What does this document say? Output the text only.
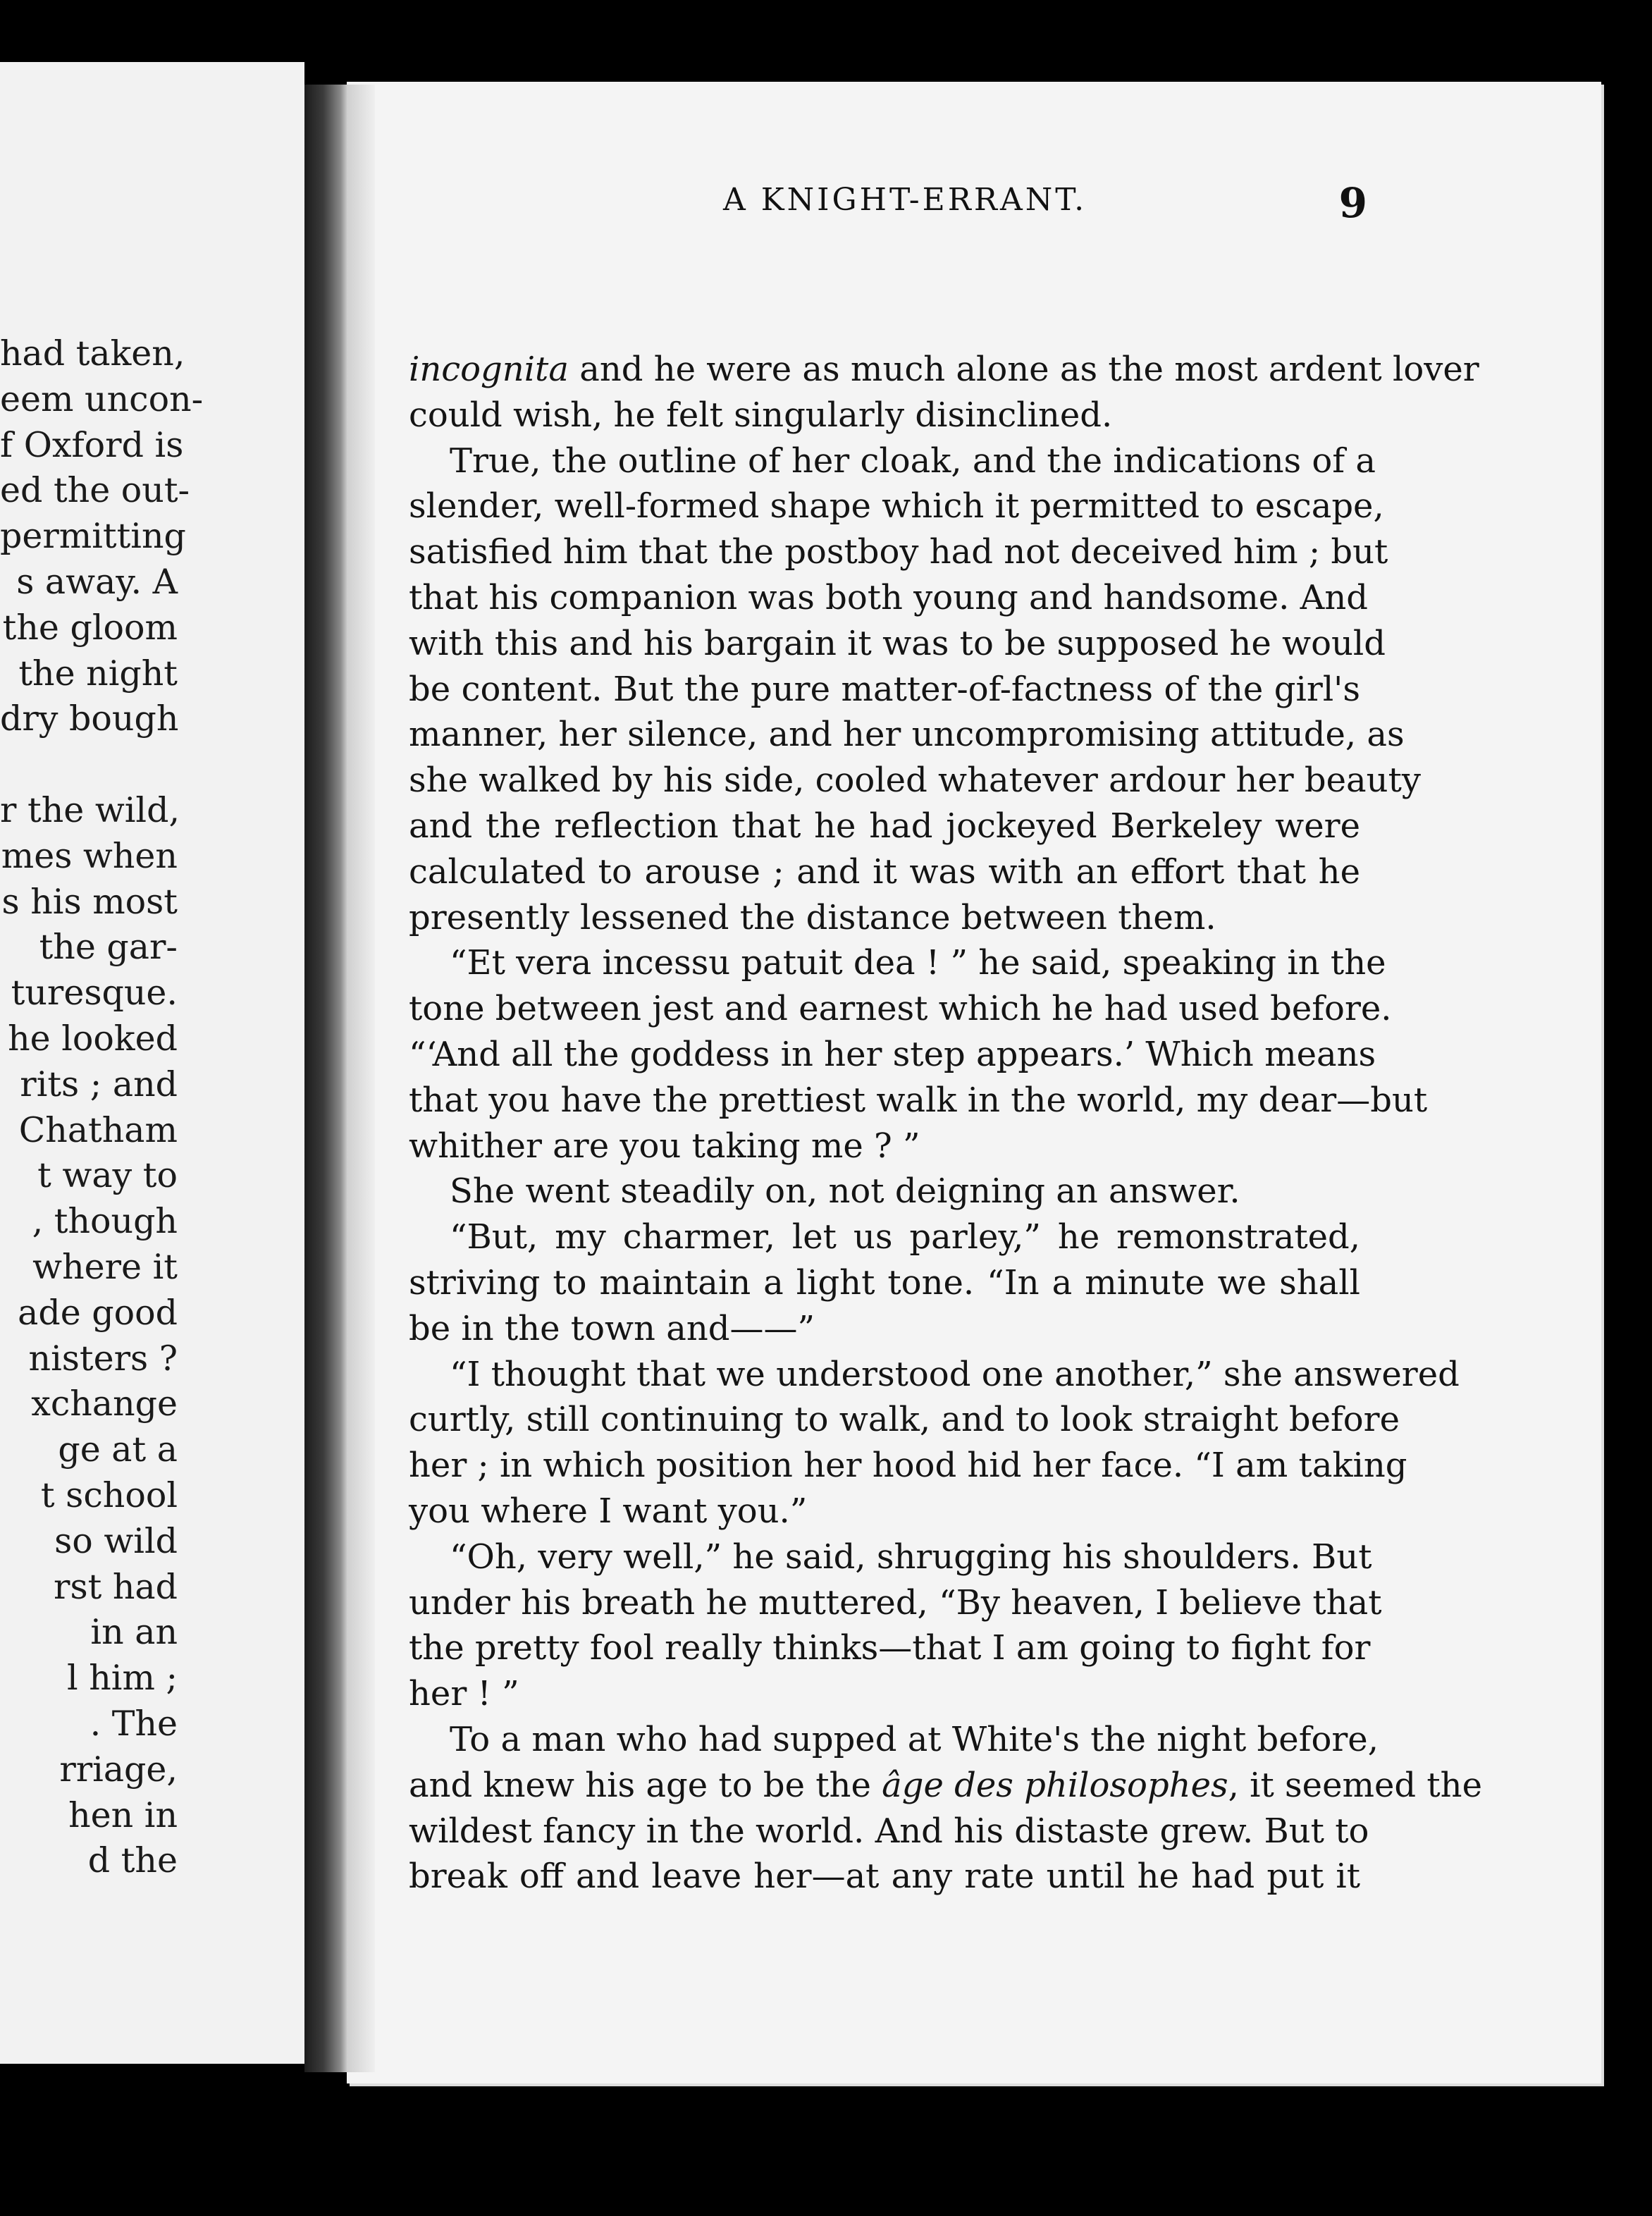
had taken,
eem uncon-
f Oxford is
ed the out-
permitting
s away. A
the gloom
the night
dry bough
r the wild,
mes when
s his most
the gar-
turesque.
he looked
rits ; and
Chatham
t way to
, though
where it
ade good
nisters ?
xchange
ge at a
t school
so wild
rst had
in an
l him ;
. The
rriage,
hen in
d the
A KNIGHT-ERRANT.	9
incognita and he were as much alone as the most ardent lover
could wish, he felt singularly disinclined.
True, the outline of her cloak, and the indications of a
slender, well-formed shape which it permitted to escape,
satisfied him that the postboy had not deceived him ; but
that his companion was both young and handsome. And
with this and his bargain it was to be supposed he would
be content. But the pure matter-of-factness of the girl's
manner, her silence, and her uncompromising attitude, as
she walked by his side, cooled whatever ardour her beauty
and the reflection that he had jockeyed Berkeley were
calculated to arouse ; and it was with an effort that he
presently lessened the distance between them.
“Et vera incessu patuit dea ! ” he said, speaking in the
tone between jest and earnest which he had used before.
“‘And all the goddess in her step appears.’ Which means
that you have the prettiest walk in the world, my dear—but
whither are you taking me ? ”
She went steadily on, not deigning an answer.
“But, my charmer, let us parley,” he remonstrated,
striving to maintain a light tone. “In a minute we shall
be in the town and——”
“I thought that we understood one another,” she answered
curtly, still continuing to walk, and to look straight before
her ; in which position her hood hid her face. “I am taking
you where I want you.”
“Oh, very well,” he said, shrugging his shoulders. But
under his breath he muttered, “By heaven, I believe that
the pretty fool really thinks—that I am going to fight for
her ! ”
To a man who had supped at White's the night before,
and knew his age to be the âge des philosophes, it seemed the
wildest fancy in the world. And his distaste grew. But to
break off and leave her—at any rate until he had put it
